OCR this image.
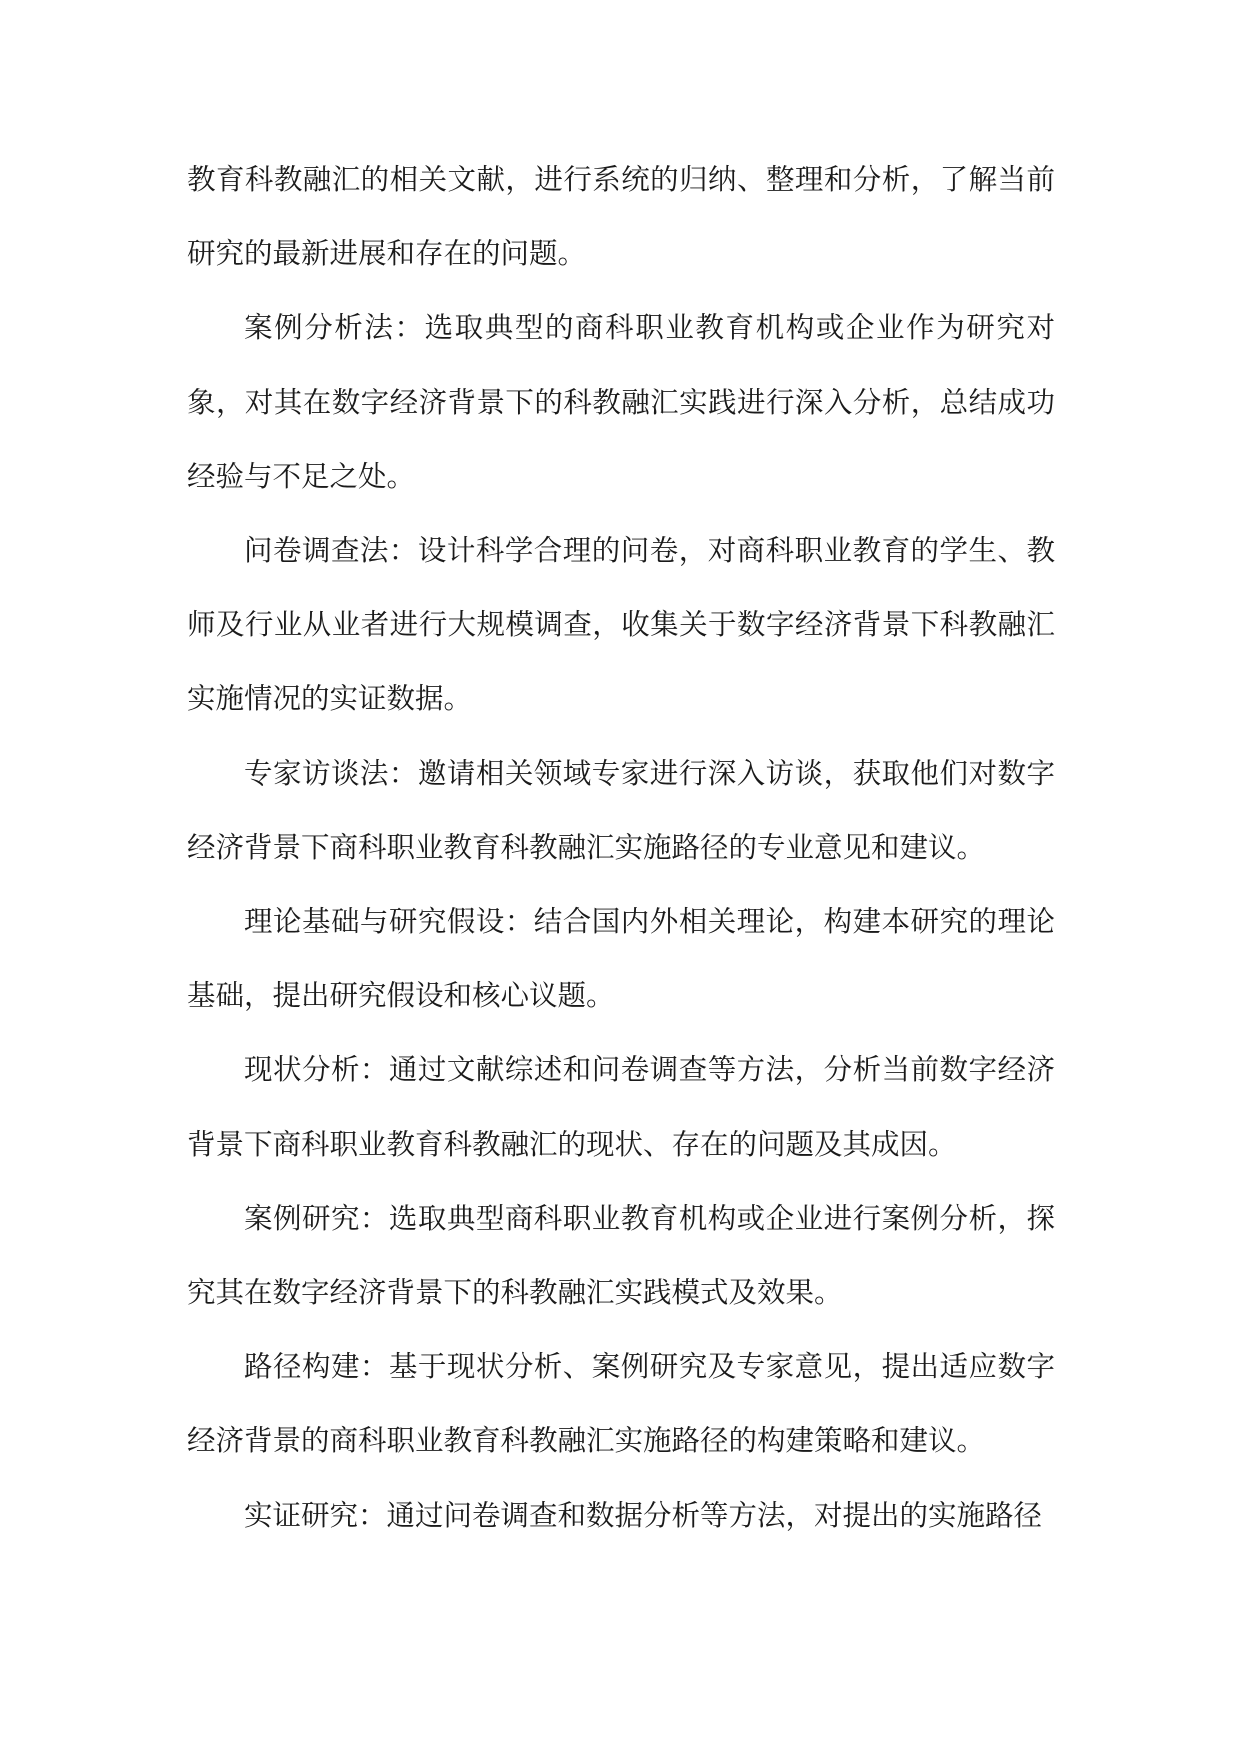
教育科教融汇的相关文献，进行系统的归纳、整理和分析，了解当前研究的最新进展和存在的问题。

案例分析法：选取典型的商科职业教育机构或企业作为研究对象，对其在数字经济背景下的科教融汇实践进行深入分析，总结成功经验与不足之处。

问卷调查法：设计科学合理的问卷，对商科职业教育的学生、教师及行业从业者进行大规模调查，收集关于数字经济背景下科教融汇实施情况的实证数据。

专家访谈法：邀请相关领域专家进行深入访谈，获取他们对数字经济背景下商科职业教育科教融汇实施路径的专业意见和建议。

理论基础与研究假设：结合国内外相关理论，构建本研究的理论基础，提出研究假设和核心议题。

现状分析：通过文献综述和问卷调查等方法，分析当前数字经济背景下商科职业教育科教融汇的现状、存在的问题及其成因。

案例研究：选取典型商科职业教育机构或企业进行案例分析，探究其在数字经济背景下的科教融汇实践模式及效果。

路径构建：基于现状分析、案例研究及专家意见，提出适应数字经济背景的商科职业教育科教融汇实施路径的构建策略和建议。

实证研究：通过问卷调查和数据分析等方法，对提出的实施路径
